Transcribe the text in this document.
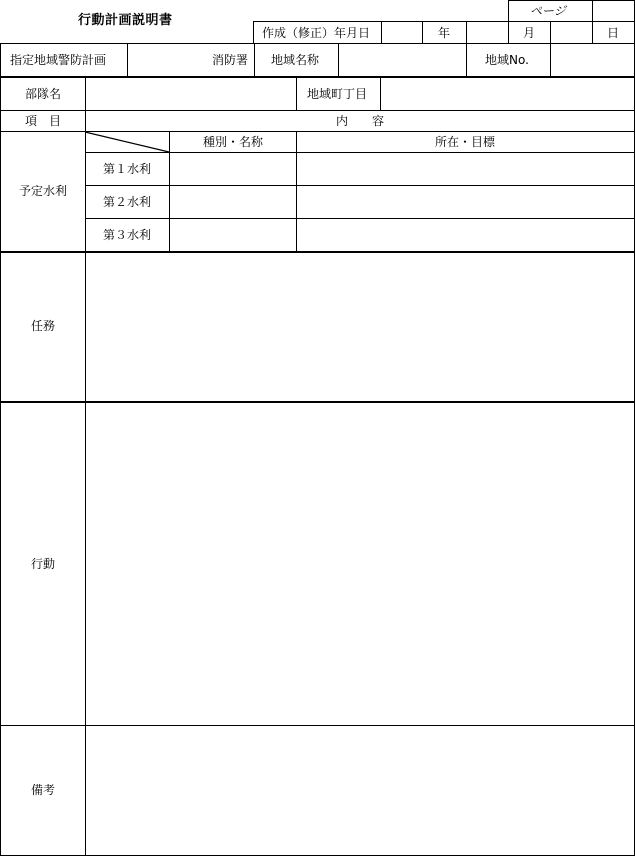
行動計画説明書
ページ
作成（修正）年月日	年	月	日
指定地域警防計画	消防署 地域名称	地域No.
部隊名	地域町丁目
項　目	内　　容
予定水利
種別・名称	所在・目標
第１水利
第２水利
第３水利
任務
行動
備考
